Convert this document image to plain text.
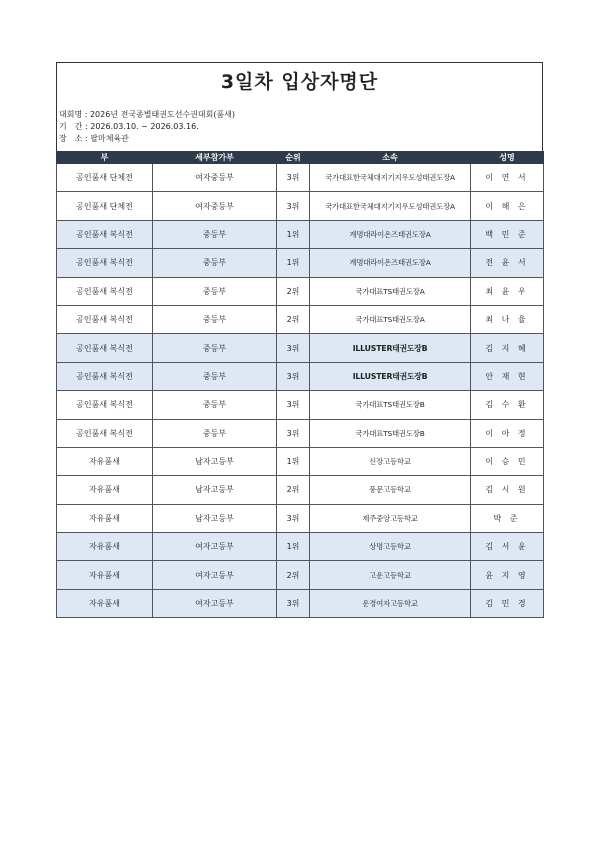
3일차 입상자명단
대회명 : 2026년 전국종별태권도선수권대회(품새)
기　간 : 2026.03.10. ~ 2026.03.16.
장　소 : 팔마체육관
부	세부참가부	순위	소속	성명
공인품새 단체전	여자중등부	3위	국가대표한국체대지기지우도성태권도장A	이 연 서
공인품새 단체전	여자중등부	3위	국가대표한국체대지기지우도성태권도장A	이 해 은
공인품새 복식전	중등부	1위	계명대라이온즈태권도장A	백 민 준
공인품새 복식전	중등부	1위	계명대라이온즈태권도장A	전 윤 서
공인품새 복식전	중등부	2위	국가대표TS태권도장A	최 윤 우
공인품새 복식전	중등부	2위	국가대표TS태권도장A	최 나 율
공인품새 복식전	중등부	3위	ILLUSTER태권도장B	김 지 혜
공인품새 복식전	중등부	3위	ILLUSTER태권도장B	안 재 현
공인품새 복식전	중등부	3위	국가대표TS태권도장B	김 수 환
공인품새 복식전	중등부	3위	국가대표TS태권도장B	이 아 정
자유품새	남자고등부	1위	신장고등학교	이 승 민
자유품새	남자고등부	2위	풍문고등학교	김 시 원
자유품새	남자고등부	3위	제주중앙고등학교	박 준
자유품새	여자고등부	1위	상명고등학교	김 서 윤
자유품새	여자고등부	2위	고운고등학교	윤 지 영
자유품새	여자고등부	3위	운경여자고등학교	김 민 경
